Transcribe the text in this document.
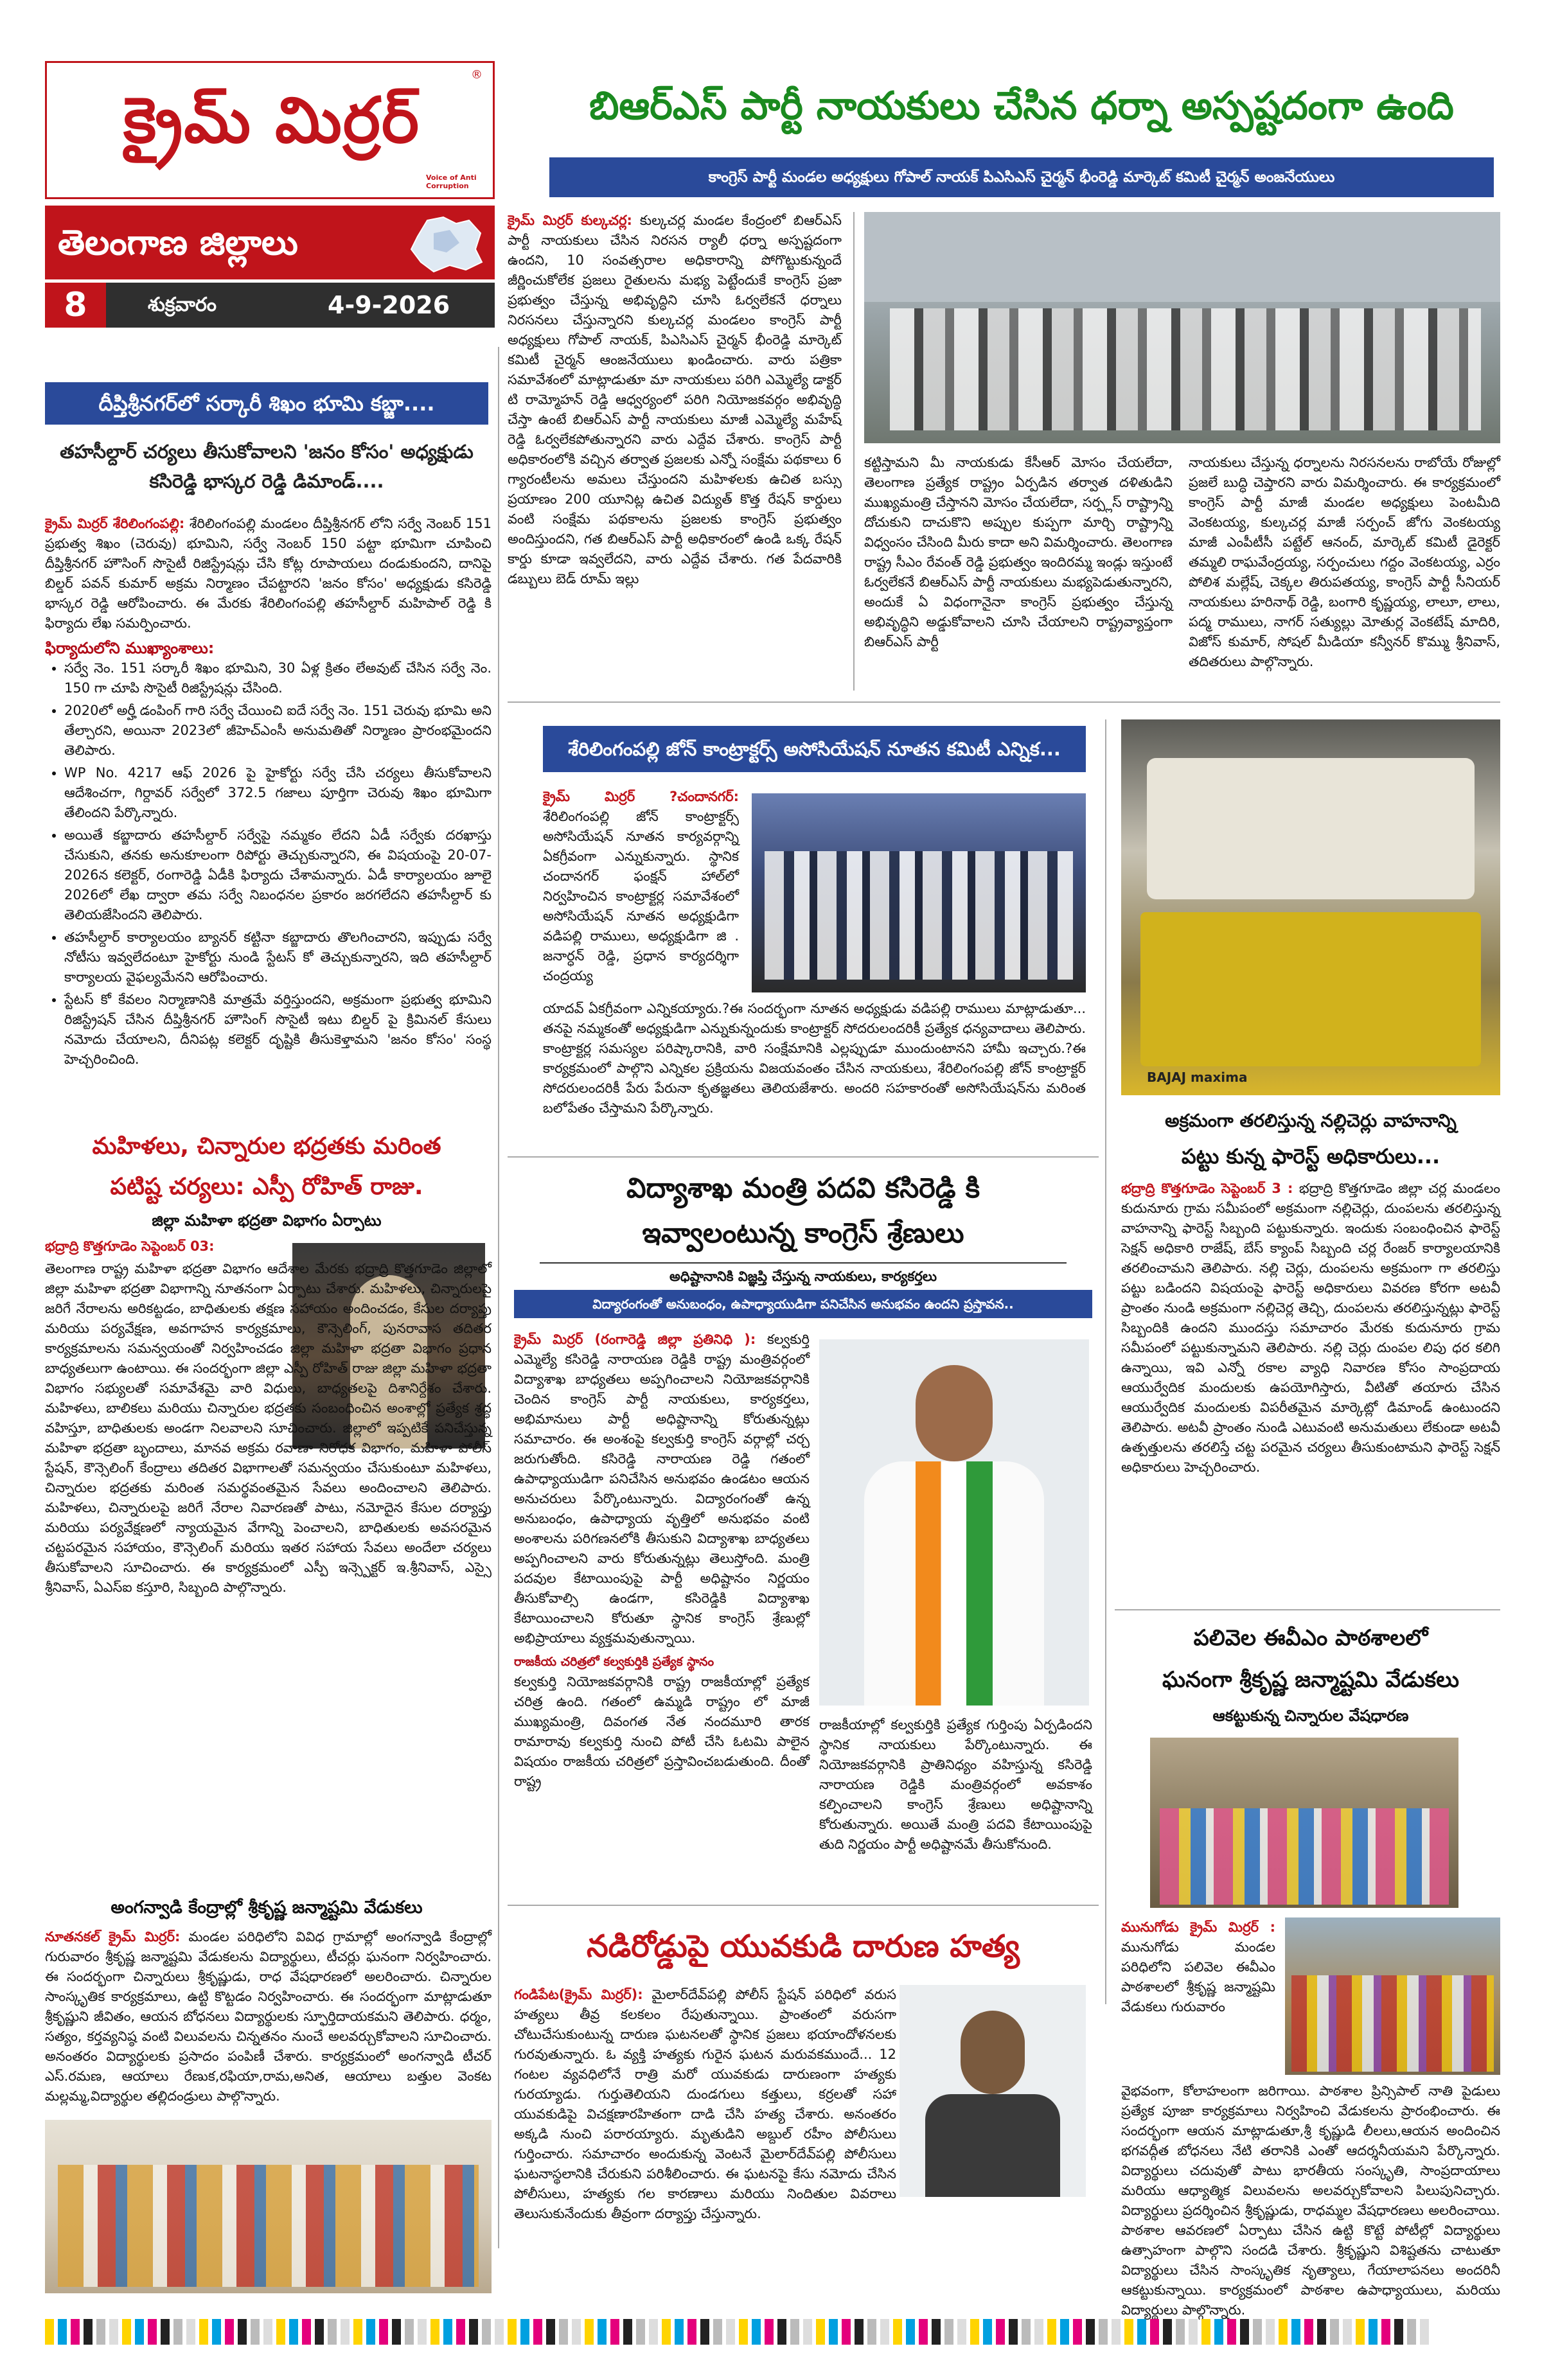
క్రైమ్ మిర్రర్
Voice of Anti Corruption
®
తెలంగాణ జిల్లాలు
8	శుక్రవారం	4-9-2026
బిఆర్ఎస్ పార్టీ నాయకులు చేసిన ధర్నా అస్పష్టదంగా ఉంది
కాంగ్రెస్ పార్టీ మండల అధ్యక్షులు గోపాల్ నాయక్ పిఎసిఎస్ చైర్మన్ భీంరెడ్డి మార్కెట్ కమిటీ చైర్మన్ అంజనేయులు

క్రైమ్ మిర్రర్ కుల్కచర్ల: కుల్కచర్ల మండల కేంద్రంలో బిఆర్ఎస్ పార్టీ నాయకులు చేసిన నిరసన ర్యాలీ ధర్నా అస్పష్టదంగా ఉందని, 10 సంవత్సరాల అధికారాన్ని పోగొట్టుకున్నందే జీర్ణించుకోలేక ప్రజలు రైతులను మభ్య పెట్టేందుకే కాంగ్రెస్ ప్రజా ప్రభుత్వం చేస్తున్న అభివృద్ధిని చూసి ఓర్వలేకనే ధర్నాలు నిరసనలు చేస్తున్నారని కుల్కచర్ల మండలం కాంగ్రెస్ పార్టీ అధ్యక్షులు గోపాల్ నాయక్, పిఎసిఎస్ చైర్మన్ భీంరెడ్డి మార్కెట్ కమిటీ చైర్మన్ ఆంజనేయులు ఖండించారు. వారు పత్రికా సమావేశంలో మాట్లాడుతూ మా నాయకులు పరిగి ఎమ్మెల్యే డాక్టర్ టి రామ్మోహన్ రెడ్డి ఆధ్వర్యంలో పరిగి నియోజకవర్గం అభివృద్ధి చేస్తా ఉంటే బిఆర్ఎస్ పార్టీ నాయకులు మాజీ ఎమ్మెల్యే మహేష్ రెడ్డి ఓర్వలేకపోతున్నారని వారు ఎద్దేవ చేశారు. కాంగ్రెస్ పార్టీ అధికారంలోకి వచ్చిన తర్వాత ప్రజలకు ఎన్నో సంక్షేమ పథకాలు 6 గ్యారంటీలను అమలు చేస్తుందని మహిళలకు ఉచిత బస్సు ప్రయాణం 200 యూనిట్ల ఉచిత విద్యుత్ కొత్త రేషన్ కార్డులు వంటి సంక్షేమ పథకాలను ప్రజలకు కాంగ్రెస్ ప్రభుత్వం అందిస్తుందని, గత బిఆర్ఎస్ పార్టీ అధికారంలో ఉండి ఒక్క రేషన్ కార్డు కూడా ఇవ్వలేదని, వారు ఎద్దేవ చేశారు. గత పేదవారికి డబ్బులు బెడ్ రూమ్ ఇల్లు

కట్టిస్తామని మీ నాయకుడు కేసీఆర్ మోసం చేయలేదా, తెలంగాణ ప్రత్యేక రాష్ట్రం ఏర్పడిన తర్వాత దళితుడిని ముఖ్యమంత్రి చేస్తానని మోసం చేయలేదా, సర్ప్లస్ రాష్ట్రాన్ని దోచుకుని దాచుకొని అప్పుల కుప్పగా మార్చి రాష్ట్రాన్ని విధ్వంసం చేసింది మీరు కాదా అని విమర్శించారు. తెలంగాణ రాష్ట్ర సీఎం రేవంత్ రెడ్డి ప్రభుత్వం ఇందిరమ్మ ఇండ్లు ఇస్తుంటే ఓర్వలేకనే బిఆర్ఎస్ పార్టీ నాయకులు మభ్యపెడుతున్నారని, అందుకే ఏ విధంగానైనా కాంగ్రెస్ ప్రభుత్వం చేస్తున్న అభివృద్ధిని అడ్డుకోవాలని చూసి చేయాలని రాష్ట్రవ్యాప్తంగా బిఆర్ఎస్ పార్టీ

నాయకులు చేస్తున్న ధర్నాలను నిరసనలను రాబోయే రోజుల్లో ప్రజలే బుద్ధి చెప్తారని వారు విమర్శించారు. ఈ కార్యక్రమంలో కాంగ్రెస్ పార్టీ మాజీ మండల అధ్యక్షులు పెంటమీది వెంకటయ్య, కుల్కచర్ల మాజీ సర్పంచ్ జోగు వెంకటయ్య మాజీ ఎంపీటీసీ పట్టేల్ ఆనంద్, మార్కెట్ కమిటీ డైరెక్టర్ తమ్మలి రాఘవేంద్రయ్య, సర్పంచులు గద్దం వెంకటయ్య, ఎర్రం పోలిశ మల్లేష్, చెక్కల తిరుపతయ్య, కాంగ్రెస్ పార్టీ సీనియర్ నాయకులు హరినాథ్ రెడ్డి, బంగారి కృష్ణయ్య, లాలూ, లాలు, పద్మ రాములు, నాగర్ సత్యుల్లు మోతుర్ల వెంకటేష్ మాదిరి, విజోస్ కుమార్, సోషల్ మీడియా కన్వీనర్ కొమ్ము శ్రీనివాస్, తదితరులు పాల్గొన్నారు.

దీప్తిశ్రీనగర్‌లో సర్కారీ శిఖం భూమి కబ్జా....
తహసీల్దార్ చర్యలు తీసుకోవాలని 'జనం కోసం' అధ్యక్షుడు కసిరెడ్డి భాస్కర రెడ్డి డిమాండ్....

క్రైమ్ మిర్రర్ శేరిలింగంపల్లి: శేరిలింగంపల్లి మండలం దీప్తిశ్రీనగర్ లోని సర్వే నెంబర్ 151 ప్రభుత్వ శిఖం (చెరువు) భూమిని, సర్వే నెంబర్ 150 పట్టా భూమిగా చూపించి దీప్తిశ్రీనగర్ హౌసింగ్ సొసైటీ రిజిస్ట్రేషన్లు చేసి కోట్ల రూపాయలు దండుకుందని, దానిపై బిల్డర్ పవన్ కుమార్ అక్రమ నిర్మాణం చేపట్టారని 'జనం కోసం' అధ్యక్షుడు కసిరెడ్డి భాస్కర రెడ్డి ఆరోపించారు. ఈ మేరకు శేరిలింగంపల్లి తహసీల్దార్ మహిపాల్ రెడ్డి కి ఫిర్యాదు లేఖ సమర్పించారు.

ఫిర్యాదులోని ముఖ్యాంశాలు:

• సర్వే నెం. 151 సర్కారీ శిఖం భూమిని, 30 ఏళ్ల క్రితం లేఅవుట్ చేసిన సర్వే నెం. 150 గా చూపి సొసైటీ రిజిస్ట్రేషన్లు చేసింది.
• 2020లో అర్హీ డంపింగ్ గారి సర్వే చేయించి ఐదే సర్వే నెం. 151 చెరువు భూమి అని తేల్చారని, అయినా 2023లో జీహెచ్ఎంసీ అనుమతితో నిర్మాణం ప్రారంభమైందని తెలిపారు.
• WP No. 4217 ఆఫ్ 2026 పై హైకోర్టు సర్వే చేసి చర్యలు తీసుకోవాలని ఆదేశించగా, గిర్దావర్ సర్వేలో 372.5 గజాలు పూర్తిగా చెరువు శిఖం భూమిగా తేలిందని పేర్కొన్నారు.
• అయితే కబ్జాదారు తహసీల్దార్ సర్వేపై నమ్మకం లేదని ఏడీ సర్వేకు దరఖాస్తు చేసుకుని, తనకు అనుకూలంగా రిపోర్టు తెచ్చుకున్నారని, ఈ విషయంపై 20-07-2026న కలెక్టర్, రంగారెడ్డి ఏడీకి ఫిర్యాదు చేశామన్నారు. ఏడీ కార్యాలయం జూలై 2026లో లేఖ ద్వారా తమ సర్వే నిబంధనల ప్రకారం జరగలేదని తహసీల్దార్ కు తెలియజేసిందని తెలిపారు.
• తహసీల్దార్ కార్యాలయం బ్యానర్ కట్టినా కబ్జాదారు తొలగించారని, ఇప్పుడు సర్వే నోటీసు ఇవ్వలేదంటూ హైకోర్టు నుండి స్టేటస్ కో తెచ్చుకున్నారని, ఇది తహసీల్దార్ కార్యాలయ వైఫల్యమేనని ఆరోపించారు.
• స్టేటస్ కో కేవలం నిర్మాణానికి మాత్రమే వర్తిస్తుందని, అక్రమంగా ప్రభుత్వ భూమిని రిజిస్ట్రేషన్ చేసిన దీప్తిశ్రీనగర్ హౌసింగ్ సొసైటీ ఇటు బిల్డర్ పై క్రిమినల్ కేసులు నమోదు చేయాలని, దీనిపట్ల కలెక్టర్ దృష్టికి తీసుకెళ్తామని 'జనం కోసం' సంస్థ హెచ్చరించింది.
మహిళలు, చిన్నారుల భద్రతకు మరింత
పటిష్ట చర్యలు: ఎస్పీ రోహిత్ రాజు.
జిల్లా మహిళా భద్రతా విభాగం ఏర్పాటు

భద్రాద్రి కొత్తగూడెం సెప్టెంబర్ 03:

తెలంగాణ రాష్ట్ర మహిళా భద్రతా విభాగం ఆదేశాల మేరకు భద్రాద్రి కొత్తగూడెం జిల్లాలో జిల్లా మహిళా భద్రతా విభాగాన్ని నూతనంగా ఏర్పాటు చేశారు. మహిళలు, చిన్నారులపై జరిగే నేరాలను అరికట్టడం, బాధితులకు తక్షణ సహాయం అందించడం, కేసుల దర్యాప్తు మరియు పర్యవేక్షణ, అవగాహన కార్యక్రమాలు, కౌన్సెలింగ్, పునరావాస తదితర కార్యక్రమాలను సమన్వయంతో నిర్వహించడం జిల్లా మహిళా భద్రతా విభాగం ప్రధాన బాధ్యతలుగా ఉంటాయి. ఈ సందర్భంగా జిల్లా ఎస్పీ రోహిత్ రాజు జిల్లా మహిళా భద్రతా విభాగం సభ్యులతో సమావేశమై వారి విధులు, బాధ్యతలపై దిశానిర్దేశం చేశారు. మహిళలు, బాలికలు మరియు చిన్నారుల భద్రతకు సంబంధించిన అంశాల్లో ప్రత్యేక శ్రద్ధ వహిస్తూ, బాధితులకు అండగా నిలవాలని సూచించారు. జిల్లాలో ఇప్పటికే పనిచేస్తున్న మహిళా భద్రతా బృందాలు, మానవ అక్రమ రవాణా నిరోధక విభాగం, మహిళా పోలీస్ స్టేషన్, కౌన్సెలింగ్ కేంద్రాలు తదితర విభాగాలతో సమన్వయం చేసుకుంటూ మహిళలు, చిన్నారుల భద్రతకు మరింత సమర్థవంతమైన సేవలు అందించాలని తెలిపారు. మహిళలు, చిన్నారులపై జరిగే నేరాల నివారణతో పాటు, నమోదైన కేసుల దర్యాప్తు మరియు పర్యవేక్షణలో న్యాయమైన వేగాన్ని పెంచాలని, బాధితులకు అవసరమైన చట్టపరమైన సహాయం, కౌన్సెలింగ్ మరియు ఇతర సహాయ సేవలు అందేలా చర్యలు తీసుకోవాలని సూచించారు. ఈ కార్యక్రమంలో ఎస్పీ ఇన్స్పెక్టర్ ఇ.శ్రీనివాస్, ఎస్సై శ్రీనివాస్, ఏఎస్ఐ కస్తూరి, సిబ్బంది పాల్గొన్నారు.

అంగన్వాడి కేంద్రాల్లో శ్రీకృష్ణ జన్మాష్టమి వేడుకలు

నూతనకల్ క్రైమ్ మిర్రర్: మండల పరిధిలోని వివిధ గ్రామాల్లో అంగన్వాడి కేంద్రాల్లో గురువారం శ్రీకృష్ణ జన్మాష్టమి వేడుకలను విద్యార్థులు, టీచర్లు ఘనంగా నిర్వహించారు. ఈ సందర్భంగా చిన్నారులు శ్రీకృష్ణుడు, రాధ వేషధారణలో అలరించారు. చిన్నారుల సాంస్కృతిక కార్యక్రమాలు, ఉట్టి కొట్టడం నిర్వహించారు. ఈ సందర్భంగా మాట్లాడుతూ శ్రీకృష్ణుని జీవితం, ఆయన బోధనలు విద్యార్థులకు స్ఫూర్తిదాయకమని తెలిపారు. ధర్మం, సత్యం, కర్తవ్యనిష్ఠ వంటి విలువలను చిన్నతనం నుంచే అలవర్చుకోవాలని సూచించారు. అనంతరం విద్యార్థులకు ప్రసాదం పంపిణీ చేశారు. కార్యక్రమంలో అంగన్వాడి టీచర్ ఎస్.రమణ, ఆయాలు రేణుక,రఫియా,రామ,అనిత, ఆయాలు బత్తుల వెంకట మల్లమ్మ,విద్యార్థుల తల్లిదండ్రులు పాల్గొన్నారు.

శేరిలింగంపల్లి జోన్ కాంట్రాక్టర్స్ అసోసియేషన్ నూతన కమిటీ ఎన్నిక...

క్రైమ్ మిర్రర్ ?చందానగర్: శేరిలింగంపల్లి జోన్ కాంట్రాక్టర్స్ అసోసియేషన్ నూతన కార్యవర్గాన్ని ఏకగ్రీవంగా ఎన్నుకున్నారు. స్థానిక చందానగర్ ఫంక్షన్ హాల్‌లో నిర్వహించిన కాంట్రాక్టర్ల సమావేశంలో అసోసియేషన్ నూతన అధ్యక్షుడిగా వడిపల్లి రాములు, అధ్యక్షుడిగా జి . జనార్ధన్ రెడ్డి, ప్రధాన కార్యదర్శిగా చంద్రయ్య

యాదవ్ ఏకగ్రీవంగా ఎన్నికయ్యారు.?ఈ సందర్భంగా నూతన అధ్యక్షుడు వడిపల్లి రాములు మాట్లాడుతూ... తనపై నమ్మకంతో అధ్యక్షుడిగా ఎన్నుకున్నందుకు కాంట్రాక్టర్ సోదరులందరికీ ప్రత్యేక ధన్యవాదాలు తెలిపారు. కాంట్రాక్టర్ల సమస్యల పరిష్కారానికి, వారి సంక్షేమానికి ఎల్లప్పుడూ ముందుంటానని హామీ ఇచ్చారు.?ఈ కార్యక్రమంలో పాల్గొని ఎన్నికల ప్రక్రియను విజయవంతం చేసిన నాయకులు, శేరిలింగంపల్లి జోన్ కాంట్రాక్టర్ సోదరులందరికీ పేరు పేరునా కృతజ్ఞతలు తెలియజేశారు. అందరి సహకారంతో అసోసియేషన్‌ను మరింత బలోపేతం చేస్తామని పేర్కొన్నారు.

BAJAJ maxima
అక్రమంగా తరలిస్తున్న నల్లిచెర్లు వాహనాన్ని
పట్టు కున్న ఫారెస్ట్ అధికారులు...

భద్రాద్రి కొత్తగూడెం సెప్టెంబర్ 3 : భద్రాద్రి కొత్తగూడెం జిల్లా చర్ల మండలం కుదునూరు గ్రామ సమీపంలో అక్రమంగా నల్లిచెర్లు, దుంపలను తరలిస్తున్న వాహనాన్ని ఫారెస్ట్ సిబ్బంది పట్టుకున్నారు. ఇందుకు సంబంధించిన ఫారెస్ట్ సెక్షన్ అధికారి రాజేష్, బేస్ క్యాంప్ సిబ్బంది చర్ల రేంజర్ కార్యాలయానికి తరలించామని తెలిపారు. నల్లి చెర్లు, దుంపలను అక్రమంగా గా తరలిస్తు పట్టు బడిందని విషయంపై ఫారెస్ట్ అధికారులు వివరణ కోరగా అటవీ ప్రాంతం నుండి అక్రమంగా నల్లిచెర్ల తెచ్చి, దుంపలను తరలిస్తున్నట్లు ఫారెస్ట్ సిబ్బందికి ఉందని ముందస్తు సమాచారం మేరకు కుదునూరు గ్రామ సమీపంలో పట్టుకున్నామని తెలిపారు. నల్లి చెర్లు దుంపల లిపు ధర కలిగి ఉన్నాయి, ఇవి ఎన్నో రకాల వ్యాధి నివారణ కోసం సాంప్రదాయ ఆయుర్వేదిక మందులకు ఉపయోగిస్తారు, వీటితో తయారు చేసిన ఆయుర్వేదిక మందులకు విపరీతమైన మార్కెట్లో డిమాండ్ ఉంటుందని తెలిపారు. అటవీ ప్రాంతం నుండి ఎటువంటి అనుమతులు లేకుండా అటవీ ఉత్పత్తులను తరలిస్తే చట్ట పరమైన చర్యలు తీసుకుంటామని ఫారెస్ట్ సెక్షన్ అధికారులు హెచ్చరించారు.

విద్యాశాఖ మంత్రి పదవి కసిరెడ్డి కి
ఇవ్వాలంటున్న కాంగ్రెస్ శ్రేణులు
అధిష్టానానికి విజ్ఞప్తి చేస్తున్న నాయకులు, కార్యకర్తలు
విద్యారంగంతో అనుబంధం, ఉపాధ్యాయుడిగా పనిచేసిన అనుభవం ఉందని ప్రస్తావన..

క్రైమ్ మిర్రర్ (రంగారెడ్డి జిల్లా ప్రతినిధి ): కల్వకుర్తి ఎమ్మెల్యే కసిరెడ్డి నారాయణ రెడ్డికి రాష్ట్ర మంత్రివర్గంలో విద్యాశాఖ బాధ్యతలు అప్పగించాలని నియోజకవర్గానికి చెందిన కాంగ్రెస్ పార్టీ నాయకులు, కార్యకర్తలు, అభిమానులు పార్టీ అధిష్టానాన్ని కోరుతున్నట్లు సమాచారం. ఈ అంశంపై కల్వకుర్తి కాంగ్రెస్ వర్గాల్లో చర్చ జరుగుతోంది. కసిరెడ్డి నారాయణ రెడ్డి గతంలో ఉపాధ్యాయుడిగా పనిచేసిన అనుభవం ఉండటం ఆయన అనుచరులు పేర్కొంటున్నారు. విద్యారంగంతో ఉన్న అనుబంధం, ఉపాధ్యాయ వృత్తిలో అనుభవం వంటి అంశాలను పరిగణనలోకి తీసుకుని విద్యాశాఖ బాధ్యతలు అప్పగించాలని వారు కోరుతున్నట్లు తెలుస్తోంది. మంత్రి పదవుల కేటాయింపుపై పార్టీ అధిష్టానం నిర్ణయం తీసుకోవాల్సి ఉండగా, కసిరెడ్డికి విద్యాశాఖ కేటాయించాలని కోరుతూ స్థానిక కాంగ్రెస్ శ్రేణుల్లో అభిప్రాయాలు వ్యక్తమవుతున్నాయి.

రాజకీయ చరిత్రలో కల్వకుర్తికి ప్రత్యేక స్థానం

కల్వకుర్తి నియోజకవర్గానికి రాష్ట్ర రాజకీయాల్లో ప్రత్యేక చరిత్ర ఉంది. గతంలో ఉమ్మడి రాష్ట్రం లో మాజీ ముఖ్యమంత్రి, దివంగత నేత నందమూరి తారక రామారావు కల్వకుర్తి నుంచి పోటీ చేసి ఓటమి పాలైన విషయం రాజకీయ చరిత్రలో ప్రస్తావించబడుతుంది. దీంతో రాష్ట్ర

రాజకీయాల్లో కల్వకుర్తికి ప్రత్యేక గుర్తింపు ఏర్పడిందని స్థానిక నాయకులు పేర్కొంటున్నారు. ఈ నియోజకవర్గానికి ప్రాతినిధ్యం వహిస్తున్న కసిరెడ్డి నారాయణ రెడ్డికి మంత్రివర్గంలో అవకాశం కల్పించాలని కాంగ్రెస్ శ్రేణులు అధిష్టానాన్ని కోరుతున్నారు. అయితే మంత్రి పదవి కేటాయింపుపై తుది నిర్ణయం పార్టీ అధిష్టానమే తీసుకోనుంది.

నడిరోడ్డుపై యువకుడి దారుణ హత్య

గండిపేట(క్రైమ్ మిర్రర్): మైలార్‌దేవ్‌పల్లి పోలీస్ స్టేషన్ పరిధిలో వరుస హత్యలు తీవ్ర కలకలం రేపుతున్నాయి. ప్రాంతంలో వరుసగా చోటుచేసుకుంటున్న దారుణ ఘటనలతో స్థానిక ప్రజలు భయాందోళనలకు గురవుతున్నారు. ఓ వ్యక్తి హత్యకు గురైన ఘటన మరువకముందే... 12 గంటల వ్యవధిలోనే రాత్రి మరో యువకుడు దారుణంగా హత్యకు గురయ్యాడు. గుర్తుతెలియని దుండగులు కత్తులు, కర్రలతో సహా యువకుడిపై విచక్షణారహితంగా దాడి చేసి హత్య చేశారు. అనంతరం అక్కడి నుంచి పరారయ్యారు. మృతుడిని అబ్దుల్ రహీం పోలీసులు గుర్తించారు. సమాచారం అందుకున్న వెంటనే మైలార్‌దేవ్‌పల్లి పోలీసులు ఘటనాస్థలానికి చేరుకుని పరిశీలించారు. ఈ ఘటనపై కేసు నమోదు చేసిన పోలీసులు, హత్యకు గల కారణాలు మరియు నిందితుల వివరాలు తెలుసుకునేందుకు తీవ్రంగా దర్యాప్తు చేస్తున్నారు.

పలివెల ఈవీఎం పాఠశాలలో
ఘనంగా శ్రీకృష్ణ జన్మాష్టమి వేడుకలు
ఆకట్టుకున్న చిన్నారుల వేషధారణ

మునుగోడు క్రైమ్ మిర్రర్ : మునుగోడు మండల పరిధిలోని పలివెల ఈవీఎం పాఠశాలలో శ్రీకృష్ణ జన్మాష్టమి వేడుకలు గురువారం

వైభవంగా, కోలాహలంగా జరిగాయి. పాఠశాల ప్రిన్సిపాల్ నాతి పైడులు ప్రత్యేక పూజా కార్యక్రమాలు నిర్వహించి వేడుకలను ప్రారంభించారు. ఈ సందర్భంగా ఆయన మాట్లాడుతూ,శ్రీ కృష్ణుడి లీలలు,ఆయన అందించిన భగవద్గీత బోధనలు నేటి తరానికి ఎంతో ఆదర్శనీయమని పేర్కొన్నారు. విద్యార్థులు చదువుతో పాటు భారతీయ సంస్కృతి, సాంప్రదాయాలు మరియు ఆధ్యాత్మిక విలువలను అలవర్చుకోవాలని పిలుపునిచ్చారు. విద్యార్థులు ప్రదర్శించిన శ్రీకృష్ణుడు, రాధమ్మల వేషధారణలు అలరించాయి. పాఠశాల ఆవరణలో ఏర్పాటు చేసిన ఉట్టి కొట్టే పోటీల్లో విద్యార్థులు ఉత్సాహంగా పాల్గొని సందడి చేశారు. శ్రీకృష్ణుని విశిష్టతను చాటుతూ విద్యార్థులు చేసిన సాంస్కృతిక నృత్యాలు, గేయాలాపనలు అందరినీ ఆకట్టుకున్నాయి. కార్యక్రమంలో పాఠశాల ఉపాధ్యాయులు, మరియు విద్యార్థులు పాల్గొన్నారు.
